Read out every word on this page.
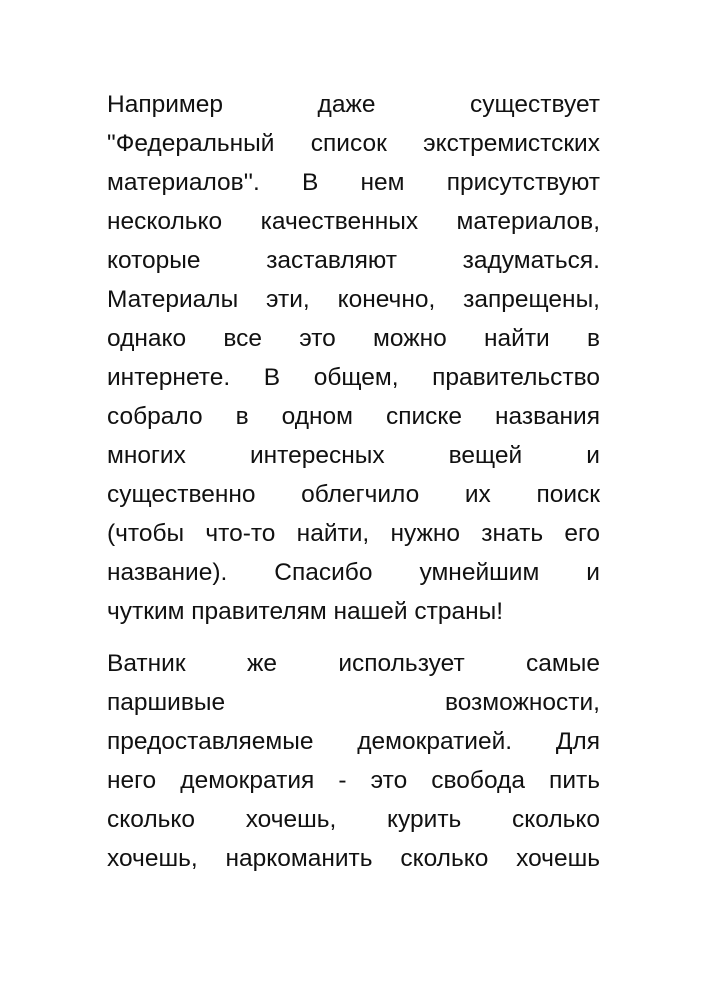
Например даже существует
"Федеральный список экстремистских
материалов''. В нем присутствуют
несколько качественных материалов,
которые заставляют задуматься.
Материалы эти, конечно, запрещены,
однако все это можно найти в
интернете. В общем, правительство
собрало в одном списке названия
многих интересных вещей и
существенно облегчило их поиск
(чтобы что-то найти, нужно знать его
название). Спасибо умнейшим и
чутким правителям нашей страны!
Ватник же использует самые
паршивые возможности,
предоставляемые демократией. Для
него демократия - это свобода пить
сколько хочешь, курить сколько
хочешь, наркоманить сколько хочешь
